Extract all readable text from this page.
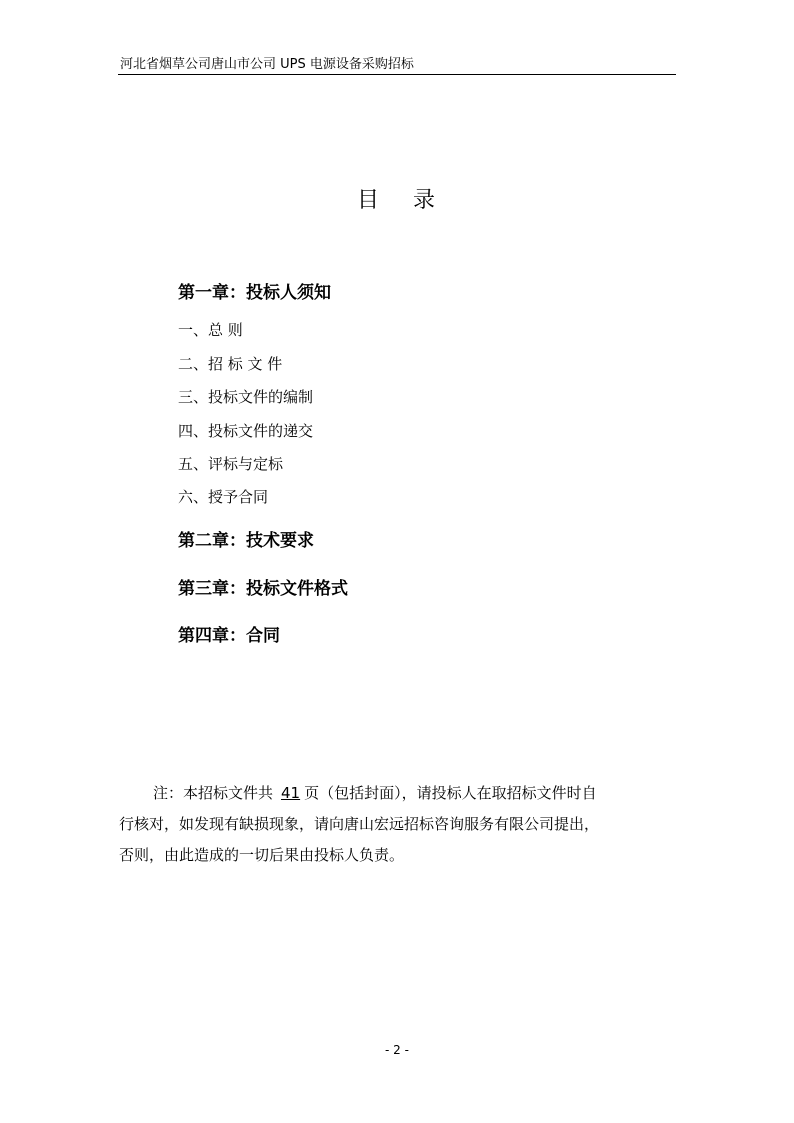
河北省烟草公司唐山市公司 UPS 电源设备采购招标
目录
第一章：投标人须知
一、总 则
二、招 标 文 件
三、投标文件的编制
四、投标文件的递交
五、评标与定标
六、授予合同
第二章：技术要求
第三章：投标文件格式
第四章：合同
注：本招标文件共 41 页（包括封面），请投标人在取招标文件时自
行核对，如发现有缺损现象，请向唐山宏远招标咨询服务有限公司提出，
否则，由此造成的一切后果由投标人负责。
- 2 -
